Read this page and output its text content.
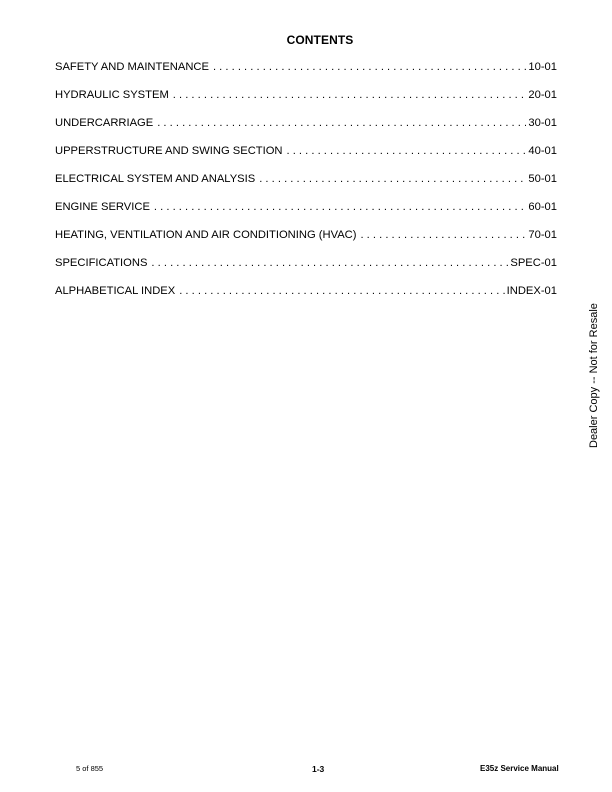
CONTENTS
SAFETY AND MAINTENANCE . . .	10-01
HYDRAULIC SYSTEM . . .	20-01
UNDERCARRIAGE . . .	30-01
UPPERSTRUCTURE AND SWING SECTION . . .	40-01
ELECTRICAL SYSTEM AND ANALYSIS . . .	50-01
ENGINE SERVICE . . .	60-01
HEATING, VENTILATION AND AIR CONDITIONING (HVAC) . . .	70-01
SPECIFICATIONS . . .	SPEC-01
ALPHABETICAL INDEX . . .	INDEX-01
Dealer Copy -- Not for Resale
5 of 855	1-3	E35z Service Manual
